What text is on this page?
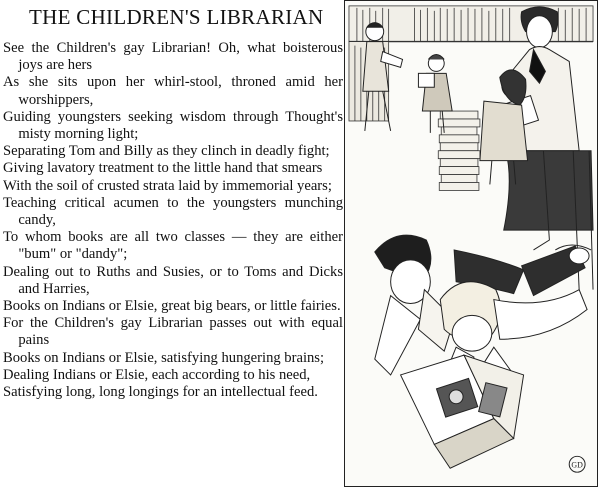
THE CHILDREN'S LIBRARIAN
See the Children's gay Librarian! Oh, what boisterous joys are hers
As she sits upon her whirl-stool, throned amid her worshippers,
Guiding youngsters seeking wisdom through Thought's misty morning light;
Separating Tom and Billy as they clinch in deadly fight;
Giving lavatory treatment to the little hand that smears
With the soil of crusted strata laid by immemorial years;
Teaching critical acumen to the youngsters munching candy,
To whom books are all two classes — they are either "bum" or "dandy";
Dealing out to Ruths and Susies, or to Toms and Dicks and Harries,
Books on Indians or Elsie, great big bears, or little fairies.
For the Children's gay Librarian passes out with equal pains
Books on Indians or Elsie, satisfying hungering brains;
Dealing Indians or Elsie, each according to his need,
Satisfying long, long longings for an intellectual feed.
GD
